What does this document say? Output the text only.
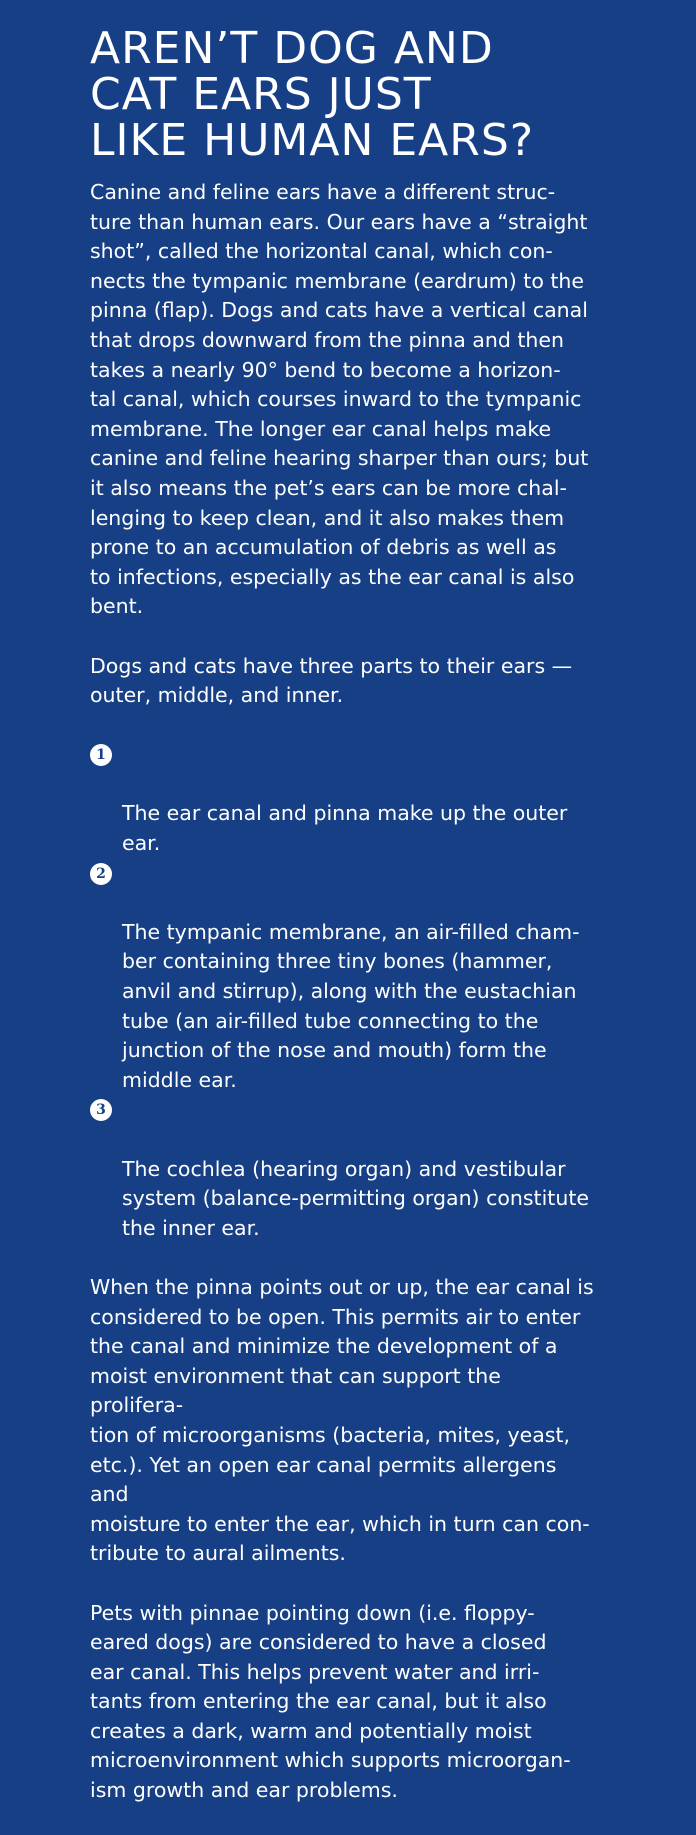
AREN’T DOG AND
CAT EARS JUST
LIKE HUMAN EARS?

Canine and feline ears have a different struc-
ture than human ears. Our ears have a “straight
shot”, called the horizontal canal, which con-
nects the tympanic membrane (eardrum) to the
pinna (flap). Dogs and cats have a vertical canal
that drops downward from the pinna and then
takes a nearly 90° bend to become a horizon-
tal canal, which courses inward to the tympanic
membrane. The longer ear canal helps make
canine and feline hearing sharper than ours; but
it also means the pet’s ears can be more chal-
lenging to keep clean, and it also makes them
prone to an accumulation of debris as well as
to infections, especially as the ear canal is also
bent.

Dogs and cats have three parts to their ears —
outer, middle, and inner.

1

The ear canal and pinna make up the outer ear.

2

The tympanic membrane, an air-filled cham-
ber containing three tiny bones (hammer,
anvil and stirrup), along with the eustachian
tube (an air-filled tube connecting to the
junction of the nose and mouth) form the
middle ear.

3

The cochlea (hearing organ) and vestibular
system (balance-permitting organ) constitute
the inner ear.

When the pinna points out or up, the ear canal is
considered to be open. This permits air to enter
the canal and minimize the development of a
moist environment that can support the prolifera-
tion of microorganisms (bacteria, mites, yeast,
etc.). Yet an open ear canal permits allergens and
moisture to enter the ear, which in turn can con-
tribute to aural ailments.

Pets with pinnae pointing down (i.e. floppy-
eared dogs) are considered to have a closed
ear canal. This helps prevent water and irri-
tants from entering the ear canal, but it also
creates a dark, warm and potentially moist
microenvironment which supports microorgan-
ism growth and ear problems.
